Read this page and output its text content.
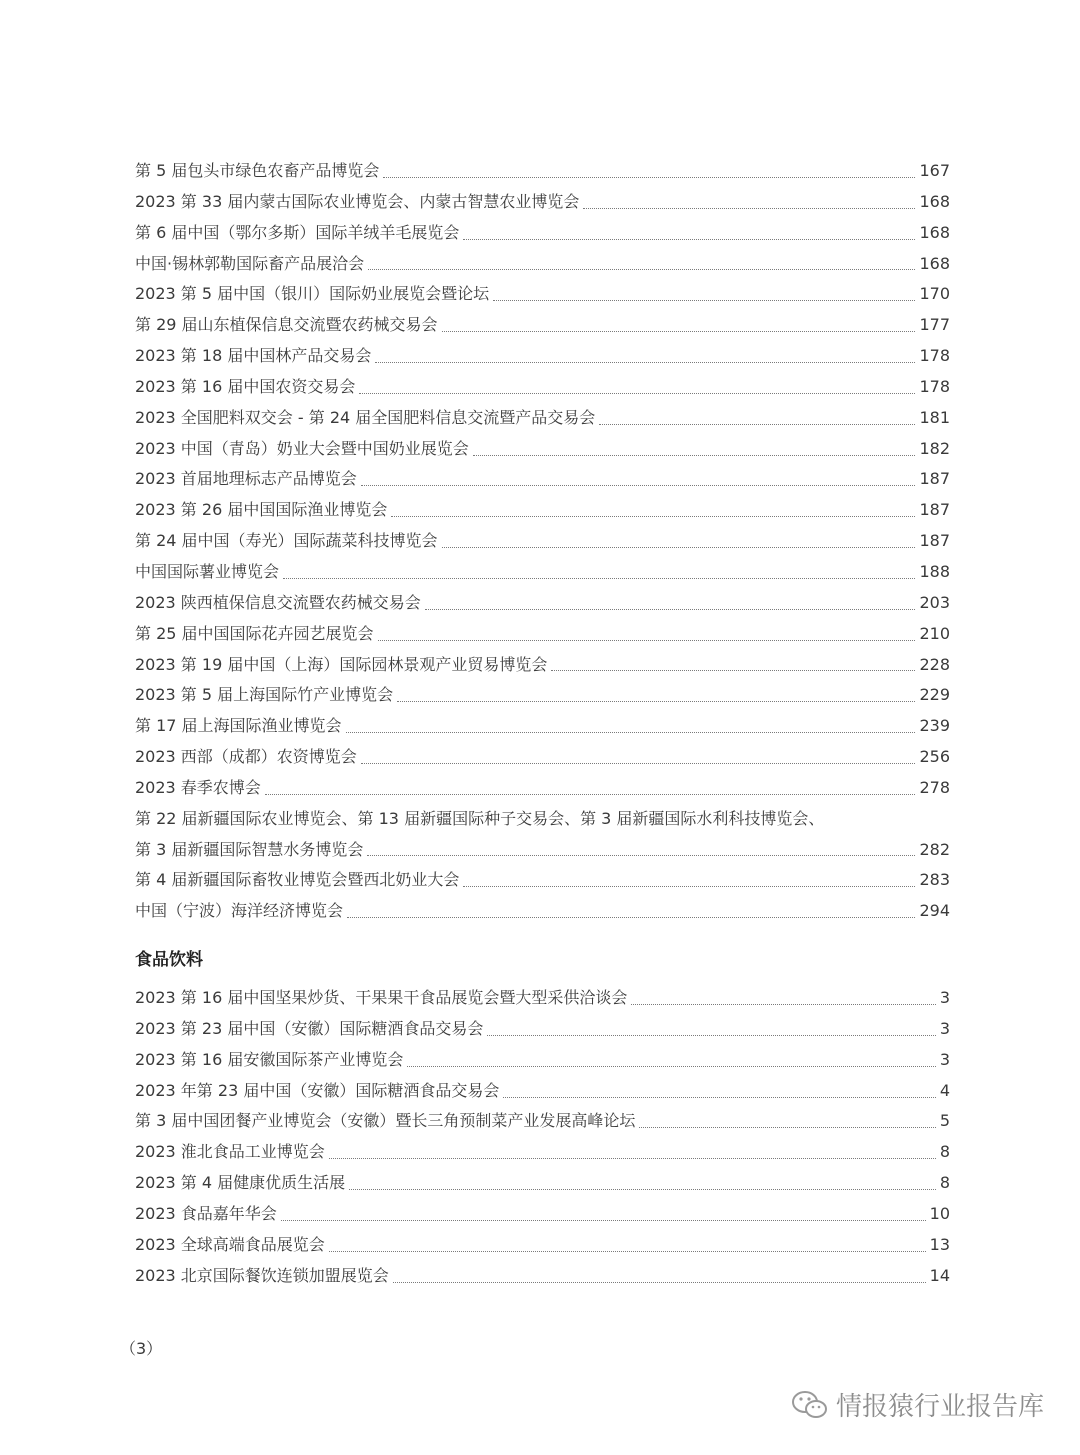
第 5 届包头市绿色农畜产品博览会	167
2023 第 33 届内蒙古国际农业博览会、内蒙古智慧农业博览会	168
第 6 届中国（鄂尔多斯）国际羊绒羊毛展览会	168
中国·锡林郭勒国际畜产品展洽会	168
2023 第 5 届中国（银川）国际奶业展览会暨论坛	170
第 29 届山东植保信息交流暨农药械交易会	177
2023 第 18 届中国林产品交易会	178
2023 第 16 届中国农资交易会	178
2023 全国肥料双交会 - 第 24 届全国肥料信息交流暨产品交易会	181
2023 中国（青岛）奶业大会暨中国奶业展览会	182
2023 首届地理标志产品博览会	187
2023 第 26 届中国国际渔业博览会	187
第 24 届中国（寿光）国际蔬菜科技博览会	187
中国国际薯业博览会	188
2023 陕西植保信息交流暨农药械交易会	203
第 25 届中国国际花卉园艺展览会	210
2023 第 19 届中国（上海）国际园林景观产业贸易博览会	228
2023 第 5 届上海国际竹产业博览会	229
第 17 届上海国际渔业博览会	239
2023 西部（成都）农资博览会	256
2023 春季农博会	278
第 22 届新疆国际农业博览会、第 13 届新疆国际种子交易会、第 3 届新疆国际水利科技博览会、
第 3 届新疆国际智慧水务博览会	282
第 4 届新疆国际畜牧业博览会暨西北奶业大会	283
中国（宁波）海洋经济博览会	294
食品饮料
2023 第 16 届中国坚果炒货、干果果干食品展览会暨大型采供洽谈会	3
2023 第 23 届中国（安徽）国际糖酒食品交易会	3
2023 第 16 届安徽国际茶产业博览会	3
2023 年第 23 届中国（安徽）国际糖酒食品交易会	4
第 3 届中国团餐产业博览会（安徽）暨长三角预制菜产业发展高峰论坛	5
2023 淮北食品工业博览会	8
2023 第 4 届健康优质生活展	8
2023 食品嘉年华会	10
2023 全球高端食品展览会	13
2023 北京国际餐饮连锁加盟展览会	14
（3）
情报猿行业报告库
